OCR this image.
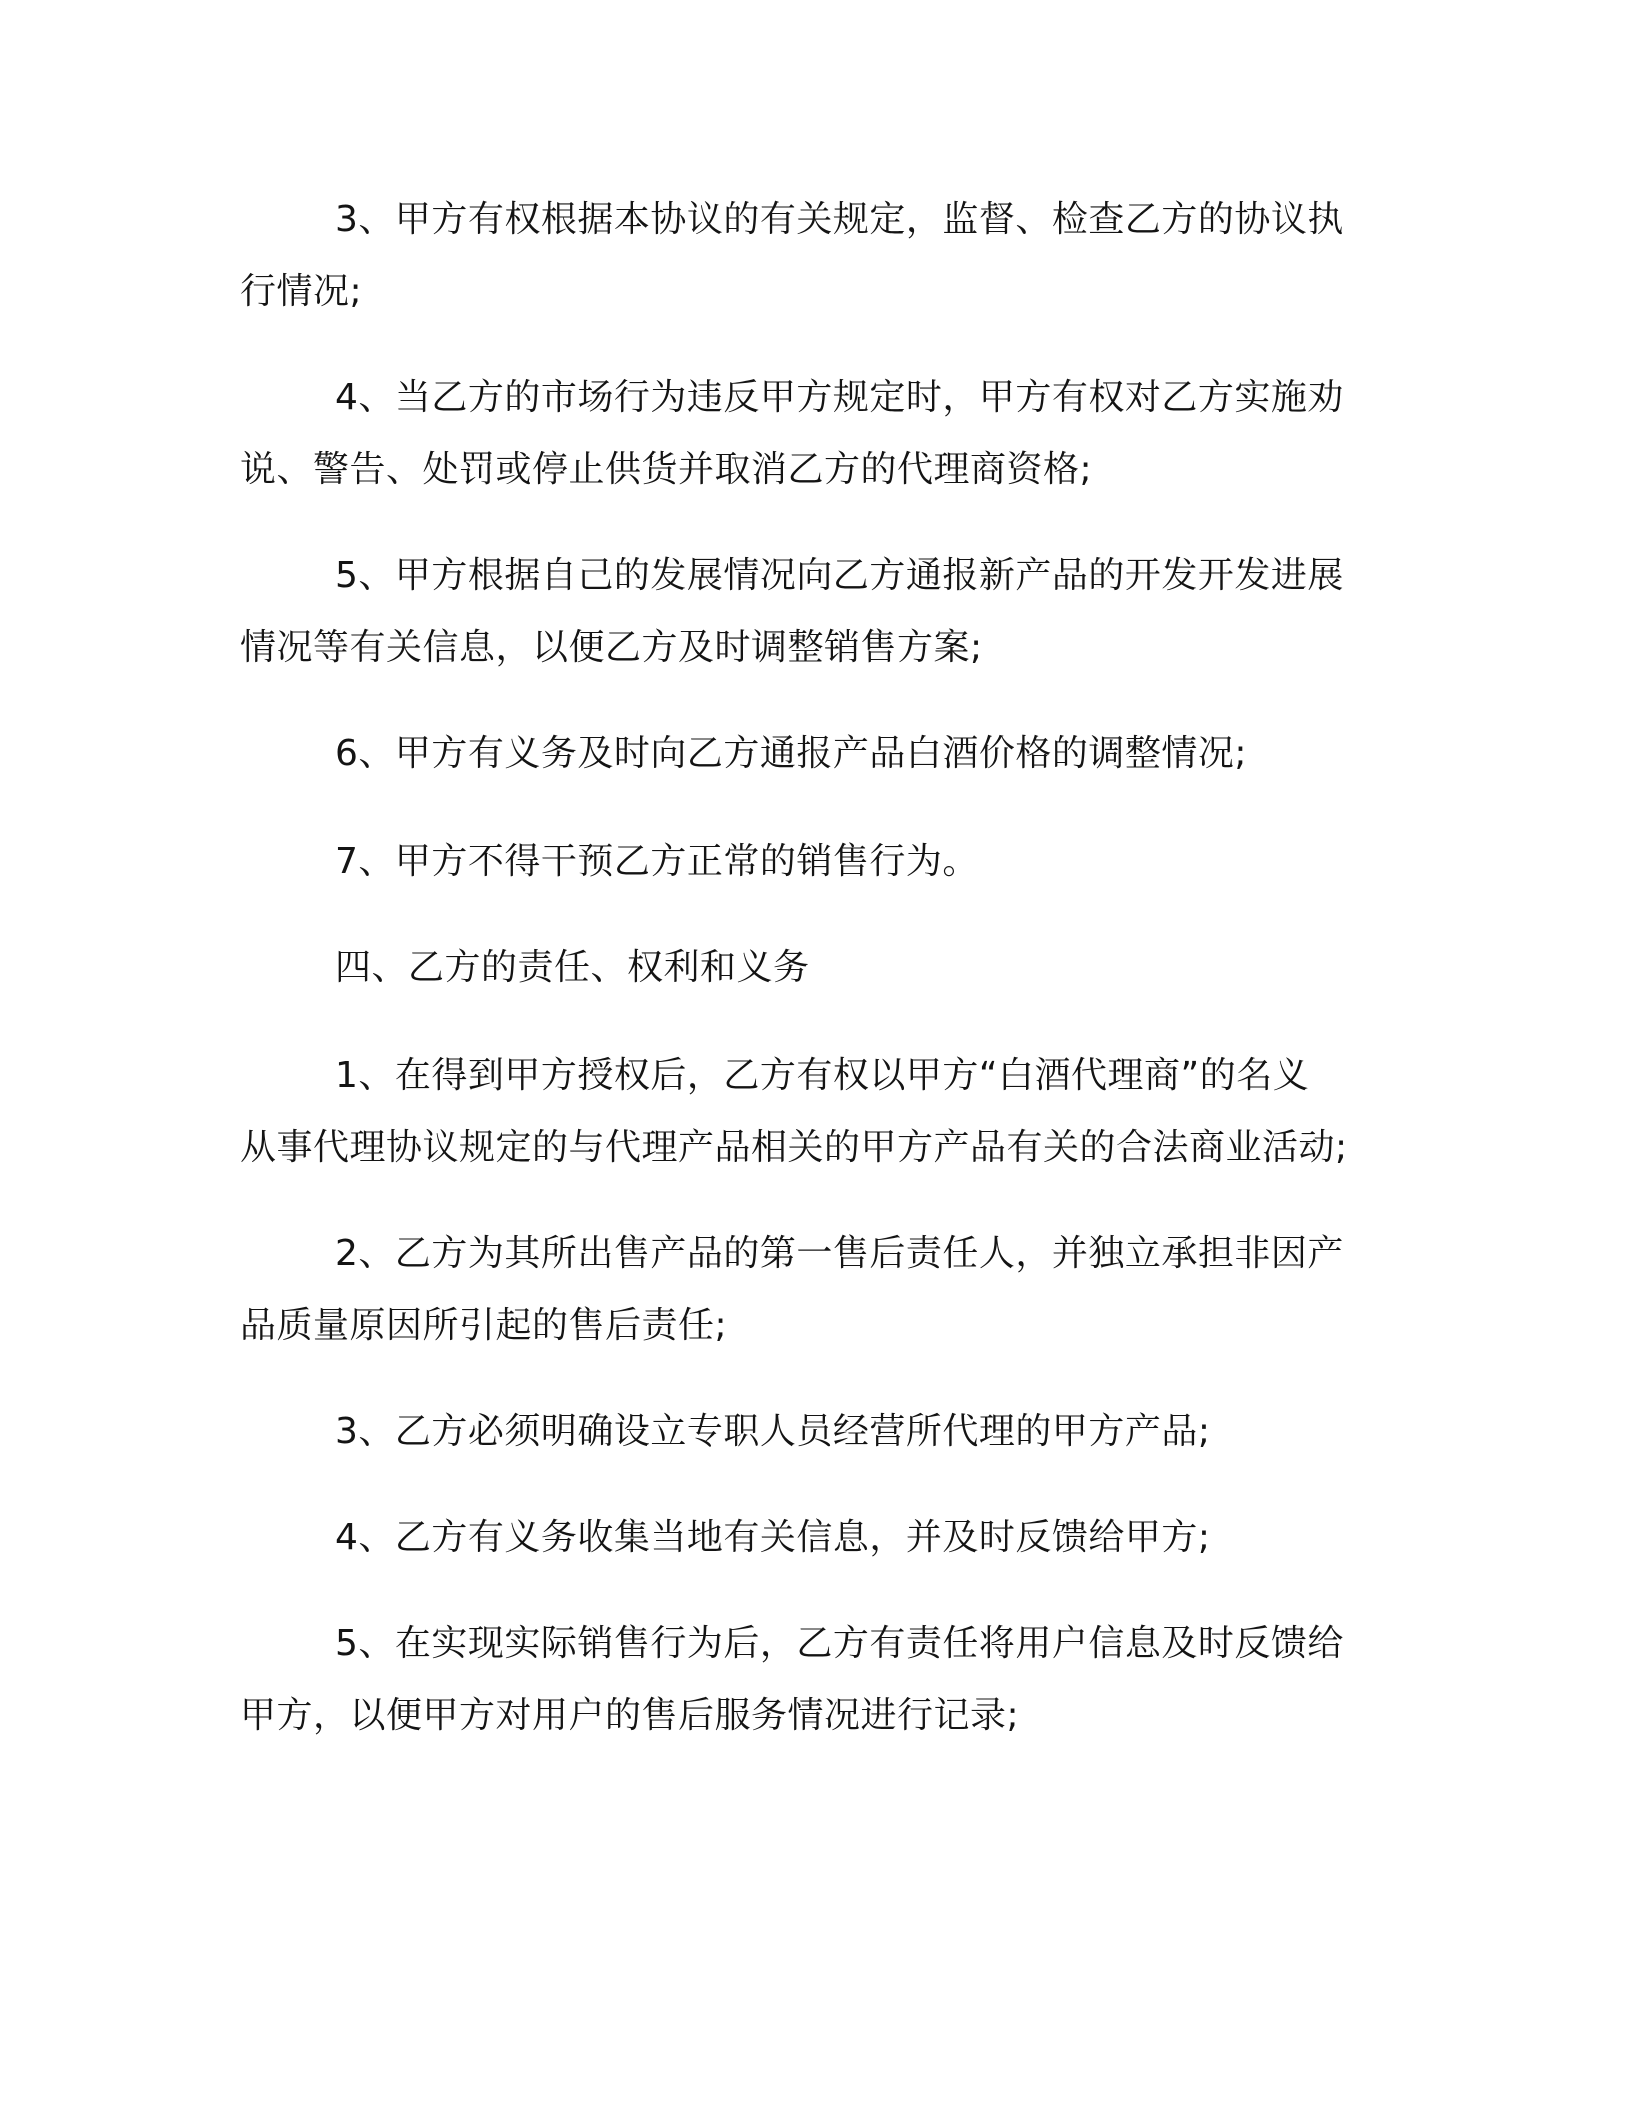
3、甲方有权根据本协议的有关规定，监督、检查乙方的协议执

行情况;

4、当乙方的市场行为违反甲方规定时，甲方有权对乙方实施劝

说、警告、处罚或停止供货并取消乙方的代理商资格;

5、甲方根据自己的发展情况向乙方通报新产品的开发开发进展

情况等有关信息，以便乙方及时调整销售方案;

6、甲方有义务及时向乙方通报产品白酒价格的调整情况;

7、甲方不得干预乙方正常的销售行为。

四、乙方的责任、权利和义务

1、在得到甲方授权后，乙方有权以甲方“白酒代理商”的名义

从事代理协议规定的与代理产品相关的甲方产品有关的合法商业活动;

2、乙方为其所出售产品的第一售后责任人，并独立承担非因产

品质量原因所引起的售后责任;

3、乙方必须明确设立专职人员经营所代理的甲方产品;

4、乙方有义务收集当地有关信息，并及时反馈给甲方;

5、在实现实际销售行为后，乙方有责任将用户信息及时反馈给

甲方，以便甲方对用户的售后服务情况进行记录;
